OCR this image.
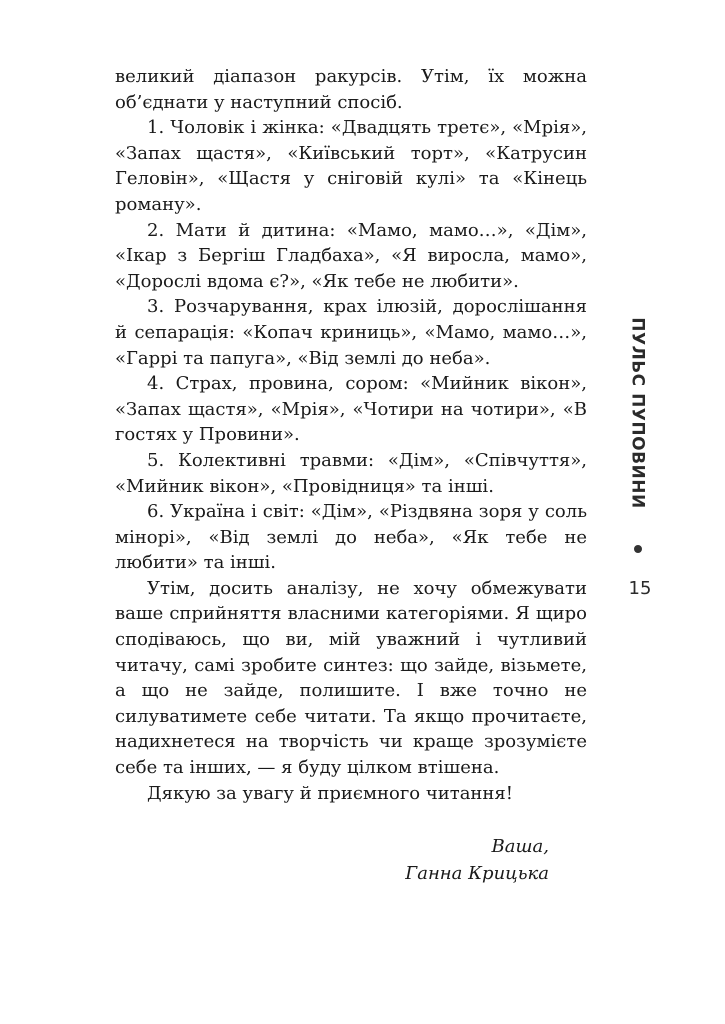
великий діапазон ракурсів. Утім, їх можна об’єднати у наступний спосіб.

1. Чоловік і жінка: «Двадцять третє», «Мрія», «Запах щастя», «Київський торт», «Катрусин Геловін», «Щастя у сніговій кулі» та «Кінець роману».

2. Мати й дитина: «Мамо, мамо…», «Дім», «Ікар з Бергіш Гладбаха», «Я виросла, мамо», «Дорослі вдома є?», «Як тебе не любити».

3. Розчарування, крах ілюзій, дорослішання й сепарація: «Копач криниць», «Мамо, мамо…», «Гаррі та папуга», «Від землі до неба».

4. Страх, провина, сором: «Мийник вікон», «Запах щастя», «Мрія», «Чотири на чотири», «В гостях у Провини».

5. Колективні травми: «Дім», «Співчуття», «Мийник вікон», «Провідниця» та інші.

6. Україна і світ: «Дім», «Різдвяна зоря у соль мінорі», «Від землі до неба», «Як тебе не любити» та інші.

Утім, досить аналізу, не хочу обмежувати ваше сприйняття власними категоріями. Я щиро сподіваюсь, що ви, мій уважний і чутливий читачу, самі зробите синтез: що зайде, візьмете, а що не зайде, полишите. І вже точно не силуватимете себе читати. Та якщо прочитаєте, надихнетеся на творчість чи краще зрозумієте себе та інших, — я буду цілком втішена.

Дякую за увагу й приємного читання!

Ваша,
Ганна Крицька
ПУЛЬС ПУПОВИНИ
15
